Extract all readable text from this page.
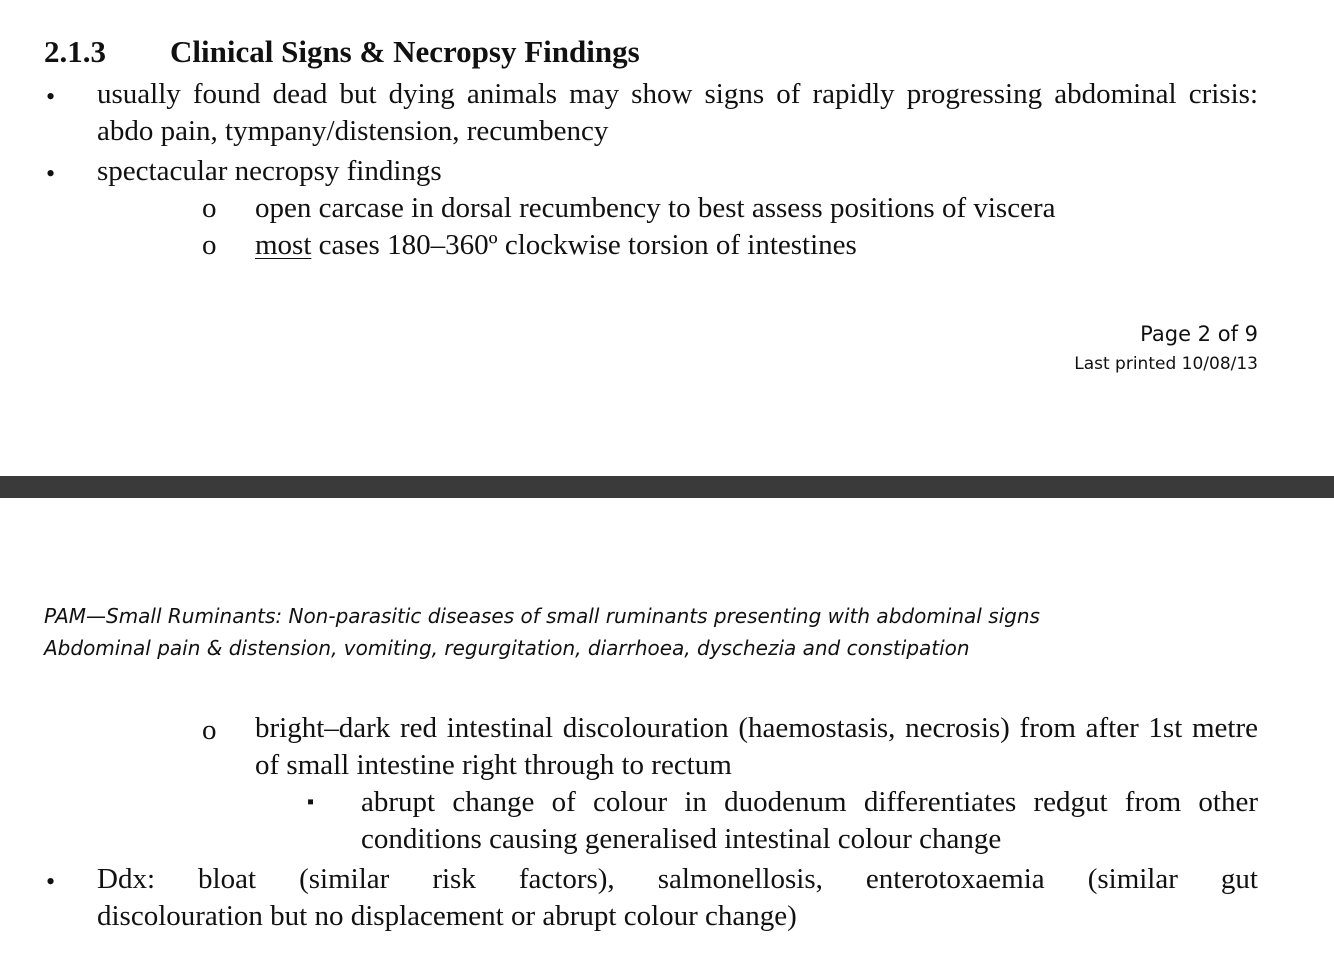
2.1.3 Clinical Signs & Necropsy Findings
• usually found dead but dying animals may show signs of rapidly progressing abdominal crisis: abdo pain, tympany/distension, recumbency
• spectacular necropsy findings
o open carcase in dorsal recumbency to best assess positions of viscera
o most cases 180–360º clockwise torsion of intestines
Page 2 of 9
Last printed 10/08/13
PAM—Small Ruminants: Non-parasitic diseases of small ruminants presenting with abdominal signs
Abdominal pain & distension, vomiting, regurgitation, diarrhoea, dyschezia and constipation
o bright–dark red intestinal discolouration (haemostasis, necrosis) from after 1st metre of small intestine right through to rectum
▪ abrupt change of colour in duodenum differentiates redgut from other conditions causing generalised intestinal colour change
• Ddx: bloat (similar risk factors), salmonellosis, enterotoxaemia (similar gut
discolouration but no displacement or abrupt colour change)
